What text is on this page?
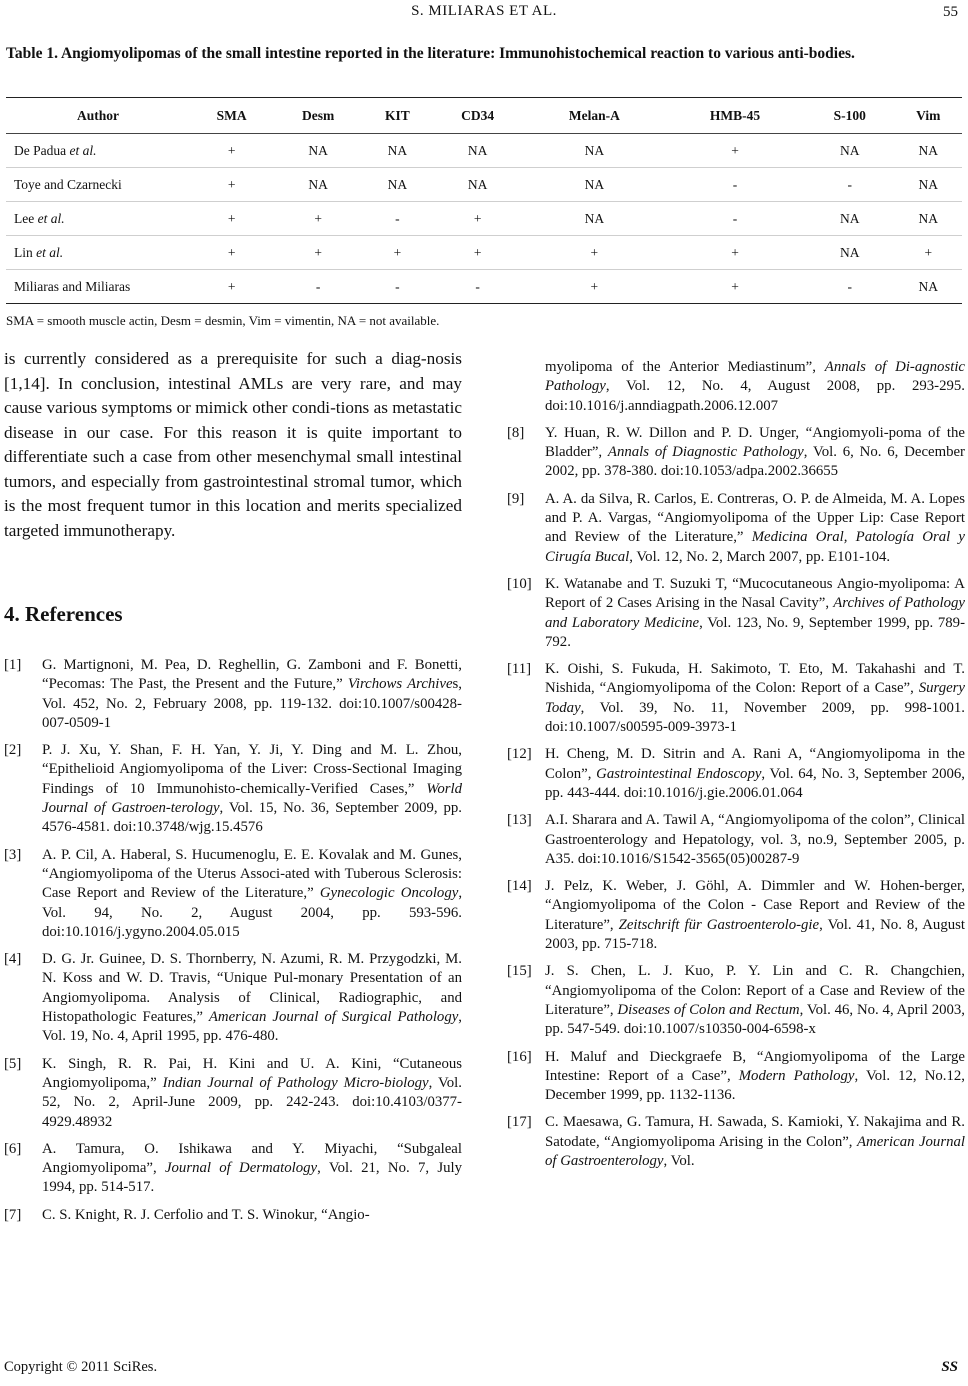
S. MILIARAS ET AL.	55
Table 1. Angiomyolipomas of the small intestine reported in the literature: Immunohistochemical reaction to various anti-bodies.
Author	SMA	Desm	KIT	CD34	Melan-A	HMB-45	S-100	Vim
De Padua et al.	+	NA	NA	NA	NA	+	NA	NA
Toye and Czarnecki	+	NA	NA	NA	NA	-	-	NA
Lee et al.	+	+	-	+	NA	-	NA	NA
Lin et al.	+	+	+	+	+	+	NA	+
Miliaras and Miliaras	+	-	-	-	+	+	-	NA
SMA = smooth muscle actin, Desm = desmin, Vim = vimentin, NA = not available.
is currently considered as a prerequisite for such a diag-nosis [1,14]. In conclusion, intestinal AMLs are very rare, and may cause various symptoms or mimick other condi-tions as metastatic disease in our case. For this reason it is quite important to differentiate such a case from other mesenchymal small intestinal tumors, and especially from gastrointestinal stromal tumor, which is the most frequent tumor in this location and merits specialized targeted immunotherapy.
4. References
[1]	G. Martignoni, M. Pea, D. Reghellin, G. Zamboni and F. Bonetti, “Pecomas: The Past, the Present and the Future,” Virchows Archives, Vol. 452, No. 2, February 2008, pp. 119-132. doi:10.1007/s00428-007-0509-1
[2]	P. J. Xu, Y. Shan, F. H. Yan, Y. Ji, Y. Ding and M. L. Zhou, “Epithelioid Angiomyolipoma of the Liver: Cross-Sectional Imaging Findings of 10 Immunohisto-chemically-Verified Cases,” World Journal of Gastroen-terology, Vol. 15, No. 36, September 2009, pp. 4576-4581. doi:10.3748/wjg.15.4576
[3]	A. P. Cil, A. Haberal, S. Hucumenoglu, E. E. Kovalak and M. Gunes, “Angiomyolipoma of the Uterus Associ-ated with Tuberous Sclerosis: Case Report and Review of the Literature,” Gynecologic Oncology, Vol. 94, No. 2, August 2004, pp. 593-596. doi:10.1016/j.ygyno.2004.05.015
[4]	D. G. Jr. Guinee, D. S. Thornberry, N. Azumi, R. M. Przygodzki, M. N. Koss and W. D. Travis, “Unique Pul-monary Presentation of an Angiomyolipoma. Analysis of Clinical, Radiographic, and Histopathologic Features,” American Journal of Surgical Pathology, Vol. 19, No. 4, April 1995, pp. 476-480.
[5]	K. Singh, R. R. Pai, H. Kini and U. A. Kini, “Cutaneous Angiomyolipoma,” Indian Journal of Pathology Micro-biology, Vol. 52, No. 2, April-June 2009, pp. 242-243. doi:10.4103/0377-4929.48932
[6]	A. Tamura, O. Ishikawa and Y. Miyachi, “Subgaleal Angiomyolipoma”, Journal of Dermatology, Vol. 21, No. 7, July 1994, pp. 514-517.
[7]	C. S. Knight, R. J. Cerfolio and T. S. Winokur, “Angio-
myolipoma of the Anterior Mediastinum”, Annals of Di-agnostic Pathology, Vol. 12, No. 4, August 2008, pp. 293-295. doi:10.1016/j.anndiagpath.2006.12.007
[8]	Y. Huan, R. W. Dillon and P. D. Unger, “Angiomyoli-poma of the Bladder”, Annals of Diagnostic Pathology, Vol. 6, No. 6, December 2002, pp. 378-380. doi:10.1053/adpa.2002.36655
[9]	A. A. da Silva, R. Carlos, E. Contreras, O. P. de Almeida, M. A. Lopes and P. A. Vargas, “Angiomyolipoma of the Upper Lip: Case Report and Review of the Literature,” Medicina Oral, Patología Oral y Cirugía Bucal, Vol. 12, No. 2, March 2007, pp. E101-104.
[10] K. Watanabe and T. Suzuki T, “Mucocutaneous Angio-myolipoma: A Report of 2 Cases Arising in the Nasal Cavity”, Archives of Pathology and Laboratory Medicine, Vol. 123, No. 9, September 1999, pp. 789-792.
[11] K. Oishi, S. Fukuda, H. Sakimoto, T. Eto, M. Takahashi and T. Nishida, “Angiomyolipoma of the Colon: Report of a Case”, Surgery Today, Vol. 39, No. 11, November 2009, pp. 998-1001. doi:10.1007/s00595-009-3973-1
[12] H. Cheng, M. D. Sitrin and A. Rani A, “Angiomyolipoma in the Colon”, Gastrointestinal Endoscopy, Vol. 64, No. 3, September 2006, pp. 443-444. doi:10.1016/j.gie.2006.01.064
[13] A.I. Sharara and A. Tawil A, “Angiomyolipoma of the colon”, Clinical Gastroenterology and Hepatology, vol. 3, no.9, September 2005, p. A35. doi:10.1016/S1542-3565(05)00287-9
[14] J. Pelz, K. Weber, J. Göhl, A. Dimmler and W. Hohen-berger, “Angiomyolipoma of the Colon - Case Report and Review of the Literature”, Zeitschrift für Gastroenterolo-gie, Vol. 41, No. 8, August 2003, pp. 715-718.
[15] J. S. Chen, L. J. Kuo, P. Y. Lin and C. R. Changchien, “Angiomyolipoma of the Colon: Report of a Case and Review of the Literature”, Diseases of Colon and Rectum, Vol. 46, No. 4, April 2003, pp. 547-549. doi:10.1007/s10350-004-6598-x
[16] H. Maluf and Dieckgraefe B, “Angiomyolipoma of the Large Intestine: Report of a Case”, Modern Pathology, Vol. 12, No.12, December 1999, pp. 1132-1136.
[17] C. Maesawa, G. Tamura, H. Sawada, S. Kamioki, Y. Nakajima and R. Satodate, “Angiomyolipoma Arising in the Colon”, American Journal of Gastroenterology, Vol.
Copyright © 2011 SciRes.	SS
